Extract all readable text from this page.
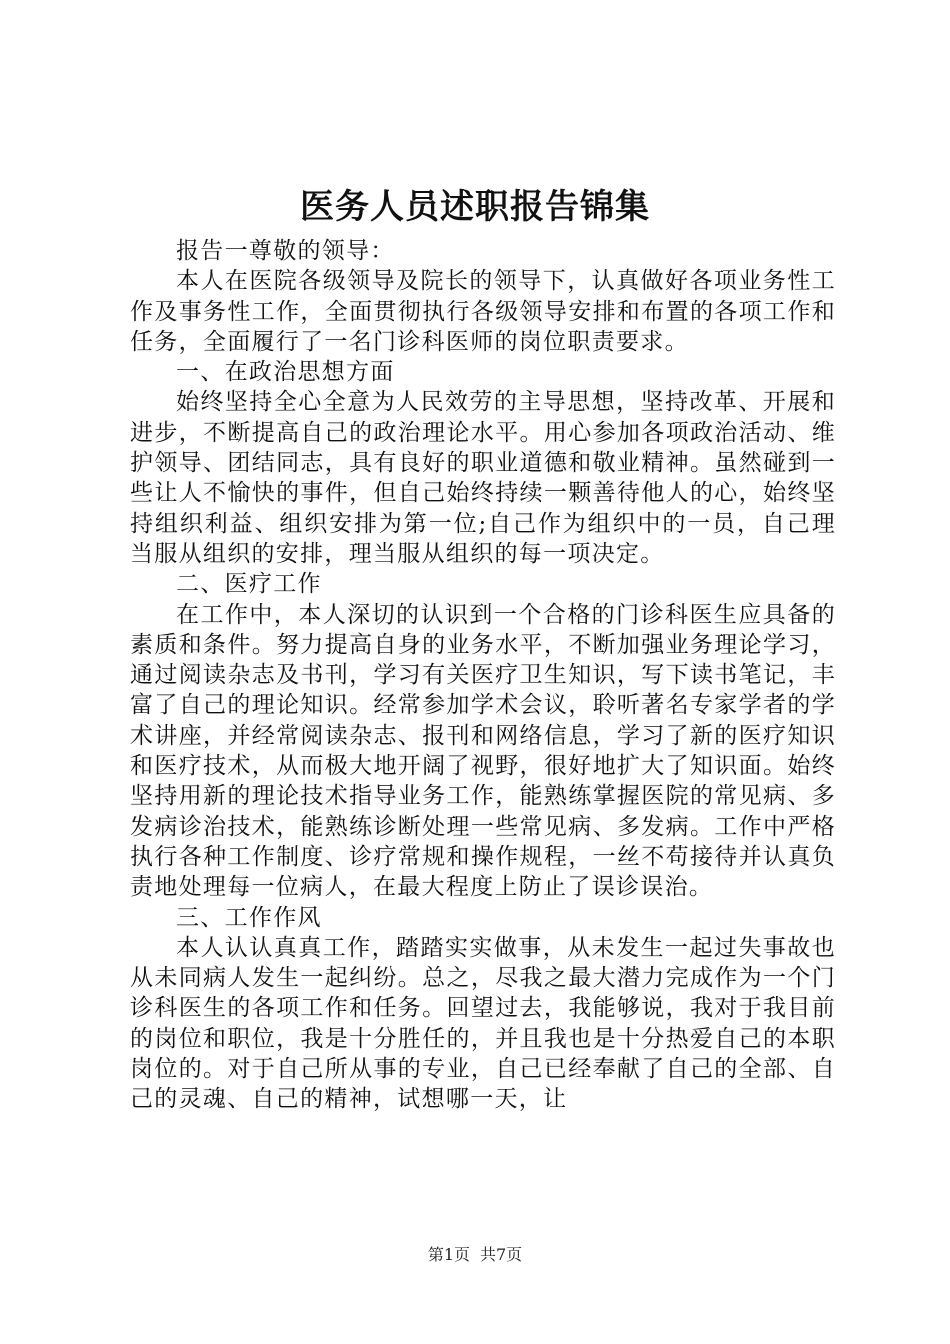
医务人员述职报告锦集

报告一尊敬的领导：

本人在医院各级领导及院长的领导下，认真做好各项业务性工作及事务性工作，全面贯彻执行各级领导安排和布置的各项工作和任务，全面履行了一名门诊科医师的岗位职责要求。

一、在政治思想方面

始终坚持全心全意为人民效劳的主导思想，坚持改革、开展和进步，不断提高自己的政治理论水平。用心参加各项政治活动、维护领导、团结同志，具有良好的职业道德和敬业精神。虽然碰到一些让人不愉快的事件，但自己始终持续一颗善待他人的心，始终坚持组织利益、组织安排为第一位;自己作为组织中的一员，自己理当服从组织的安排，理当服从组织的每一项决定。

二、医疗工作

在工作中，本人深切的认识到一个合格的门诊科医生应具备的素质和条件。努力提高自身的业务水平，不断加强业务理论学习，通过阅读杂志及书刊，学习有关医疗卫生知识，写下读书笔记，丰富了自己的理论知识。经常参加学术会议，聆听著名专家学者的学术讲座，并经常阅读杂志、报刊和网络信息，学习了新的医疗知识和医疗技术，从而极大地开阔了视野，很好地扩大了知识面。始终坚持用新的理论技术指导业务工作，能熟练掌握医院的常见病、多发病诊治技术，能熟练诊断处理一些常见病、多发病。工作中严格执行各种工作制度、诊疗常规和操作规程，一丝不苟接待并认真负责地处理每一位病人，在最大程度上防止了误诊误治。

三、工作作风

本人认认真真工作，踏踏实实做事，从未发生一起过失事故也从未同病人发生一起纠纷。总之，尽我之最大潜力完成作为一个门诊科医生的各项工作和任务。回望过去，我能够说，我对于我目前的岗位和职位，我是十分胜任的，并且我也是十分热爱自己的本职岗位的。对于自己所从事的专业，自己已经奉献了自己的全部、自己的灵魂、自己的精神，试想哪一天，让

第1页 共7页
